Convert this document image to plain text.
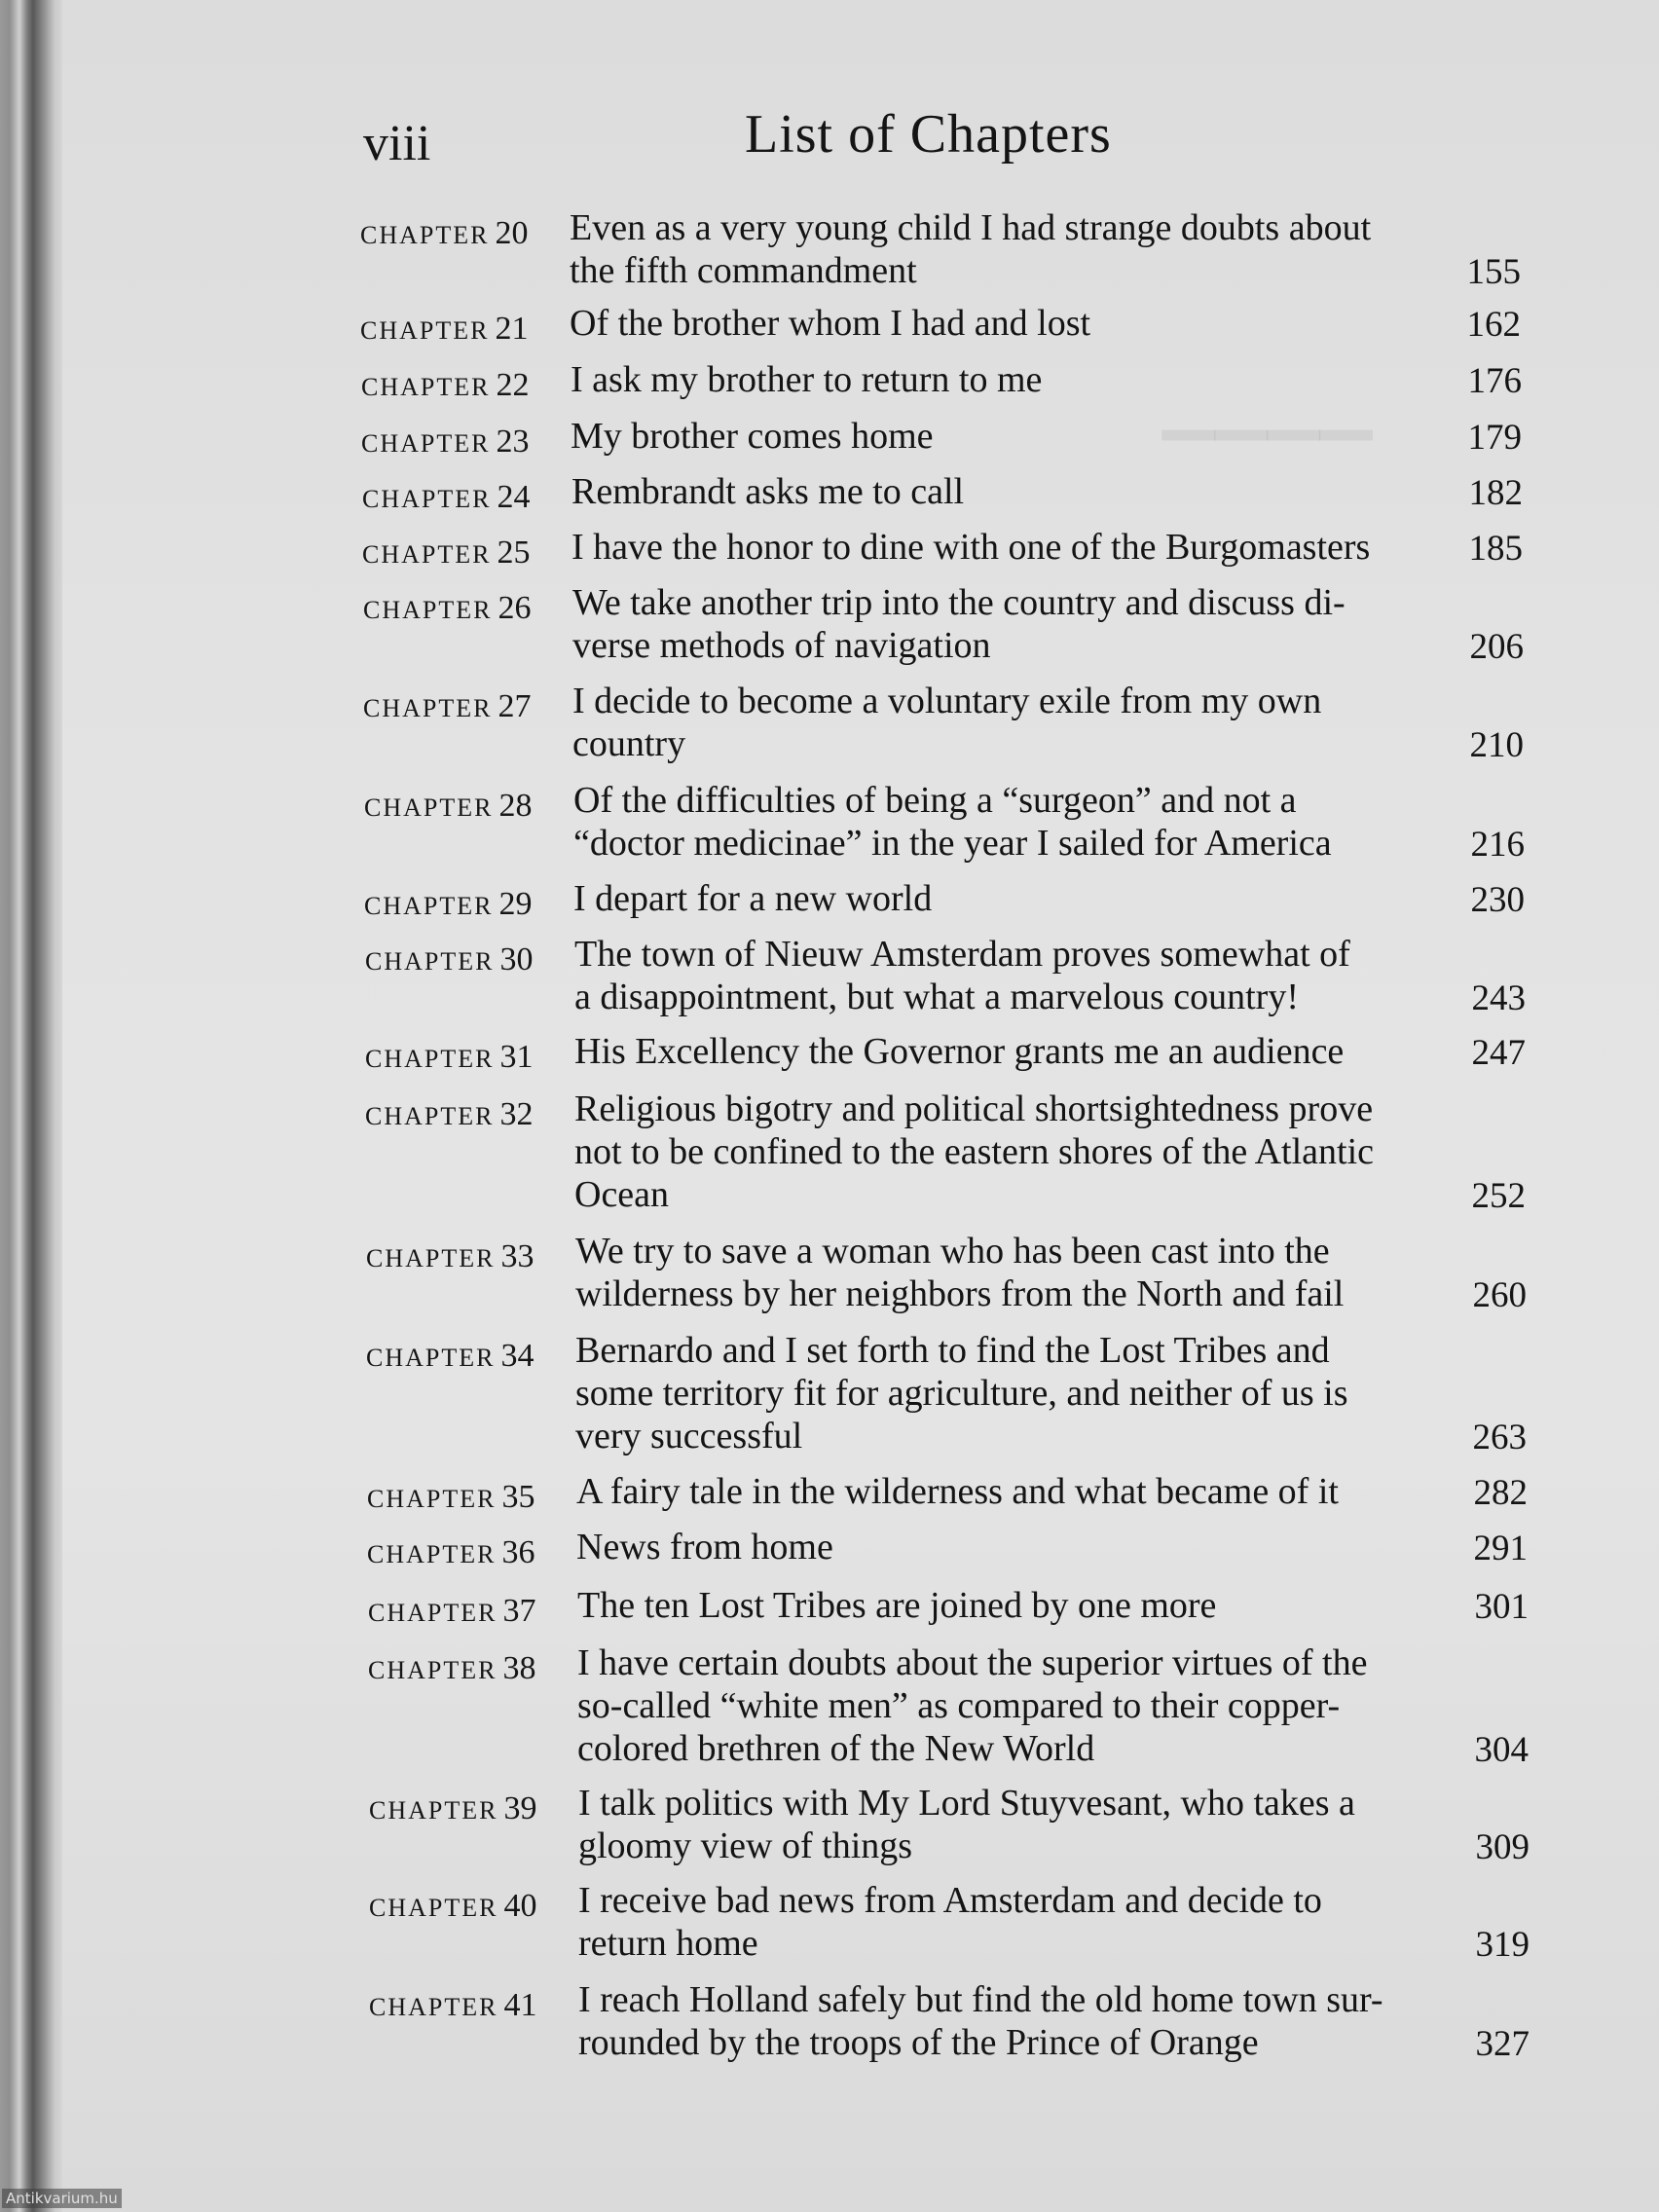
▁▁▁▁
viii	List of Chapters
CHAPTER 20 Even as a very young child I had strange doubts about
the fifth commandment	155
CHAPTER 21 Of the brother whom I had and lost	162
CHAPTER 22 I ask my brother to return to me	176
CHAPTER 23 My brother comes home	179
CHAPTER 24 Rembrandt asks me to call	182
CHAPTER 25 I have the honor to dine with one of the Burgomasters	185
CHAPTER 26 We take another trip into the country and discuss di-
verse methods of navigation	206
CHAPTER 27 I decide to become a voluntary exile from my own
country	210
CHAPTER 28 Of the difficulties of being a “surgeon” and not a
“doctor medicinae” in the year I sailed for America	216
CHAPTER 29 I depart for a new world	230
CHAPTER 30 The town of Nieuw Amsterdam proves somewhat of
a disappointment, but what a marvelous country!	243
CHAPTER 31 His Excellency the Governor grants me an audience	247
CHAPTER 32 Religious bigotry and political shortsightedness prove
not to be confined to the eastern shores of the Atlantic
Ocean	252
CHAPTER 33 We try to save a woman who has been cast into the
wilderness by her neighbors from the North and fail	260
CHAPTER 34 Bernardo and I set forth to find the Lost Tribes and
some territory fit for agriculture, and neither of us is
very successful	263
CHAPTER 35 A fairy tale in the wilderness and what became of it	282
CHAPTER 36 News from home	291
CHAPTER 37 The ten Lost Tribes are joined by one more	301
CHAPTER 38 I have certain doubts about the superior virtues of the
so-called “white men” as compared to their copper-
colored brethren of the New World	304
CHAPTER 39 I talk politics with My Lord Stuyvesant, who takes a
gloomy view of things	309
CHAPTER 40 I receive bad news from Amsterdam and decide to
return home	319
CHAPTER 41 I reach Holland safely but find the old home town sur-
rounded by the troops of the Prince of Orange	327
Antikvarium.hu
